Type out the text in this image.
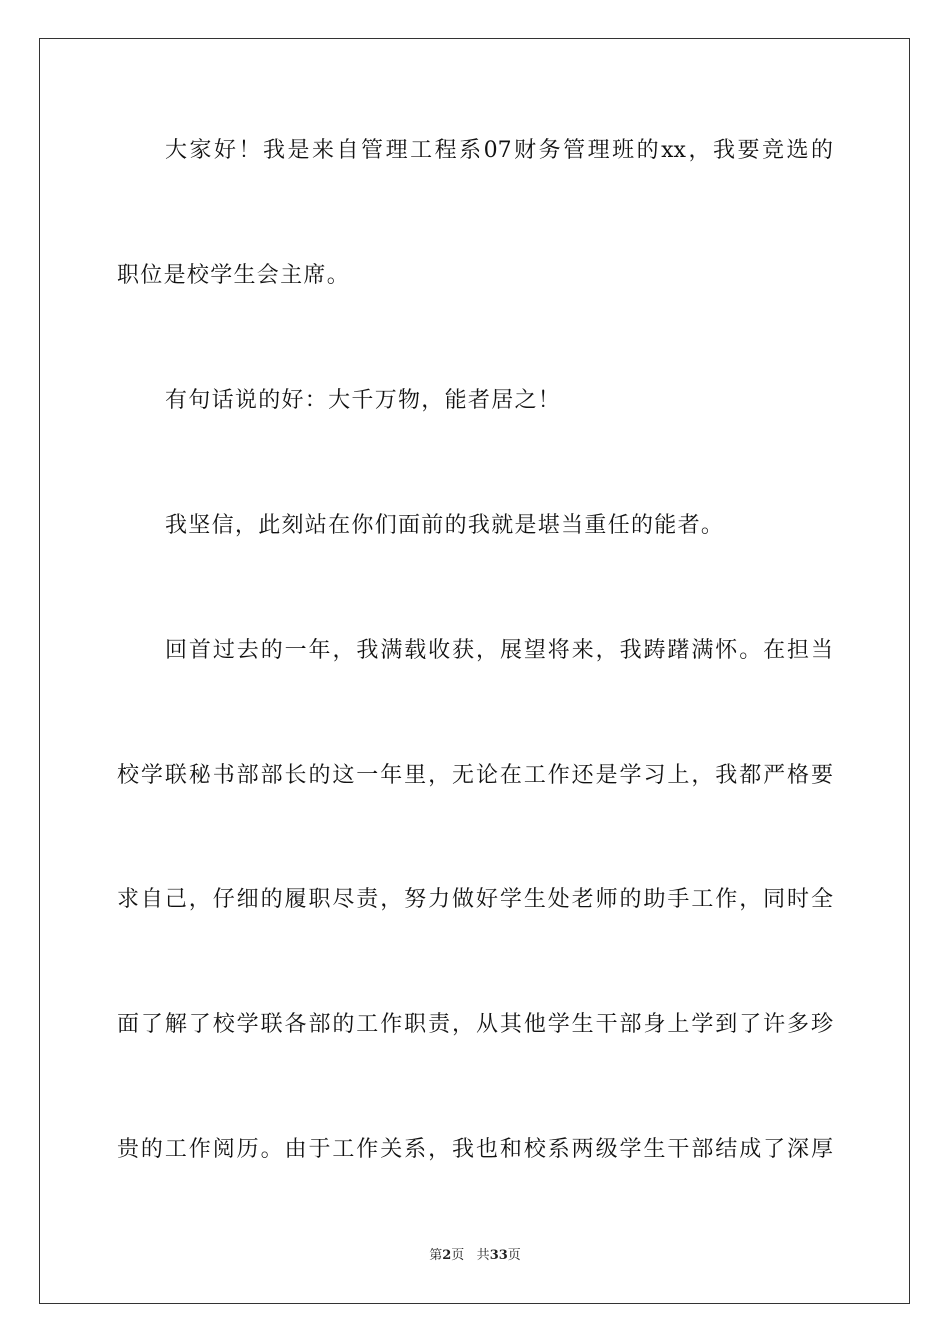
大家好！我是来自管理工程系07财务管理班的xx，我要竞选的
职位是校学生会主席。
有句话说的好：大千万物，能者居之！
我坚信，此刻站在你们面前的我就是堪当重任的能者。
回首过去的一年，我满载收获，展望将来，我踌躇满怀。在担当
校学联秘书部部长的这一年里，无论在工作还是学习上，我都严格要
求自己，仔细的履职尽责，努力做好学生处老师的助手工作，同时全
面了解了校学联各部的工作职责，从其他学生干部身上学到了许多珍
贵的工作阅历。由于工作关系，我也和校系两级学生干部结成了深厚
第2页 共33页
